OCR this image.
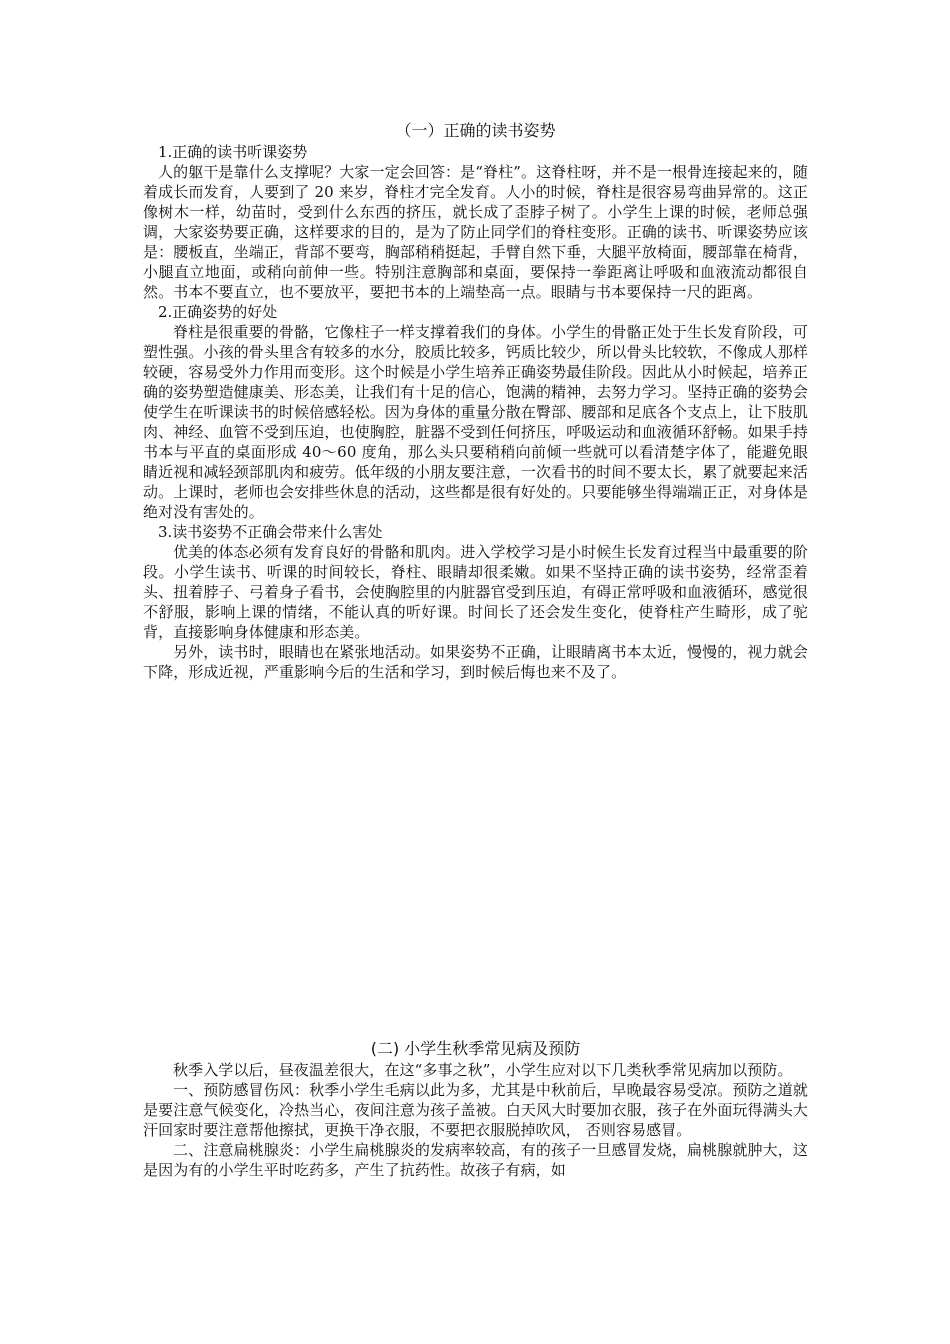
（一）正确的读书姿势

1.正确的读书听课姿势

人的躯干是靠什么支撑呢？大家一定会回答：是“脊柱”。这脊柱呀，并不是一根骨连接起来的，随着成长而发育，人要到了 20 来岁，脊柱才完全发育。人小的时候，脊柱是很容易弯曲异常的。这正像树木一样，幼苗时，受到什么东西的挤压，就长成了歪脖子树了。小学生上课的时候，老师总强调，大家姿势要正确，这样要求的目的，是为了防止同学们的脊柱变形。正确的读书、听课姿势应该是：腰板直，坐端正，背部不要弯，胸部稍稍挺起，手臂自然下垂，大腿平放椅面，腰部靠在椅背，小腿直立地面，或稍向前伸一些。特别注意胸部和桌面，要保持一拳距离让呼吸和血液流动都很自然。书本不要直立，也不要放平，要把书本的上端垫高一点。眼睛与书本要保持一尺的距离。

2.正确姿势的好处

脊柱是很重要的骨骼，它像柱子一样支撑着我们的身体。小学生的骨骼正处于生长发育阶段，可塑性强。小孩的骨头里含有较多的水分，胶质比较多，钙质比较少，所以骨头比较软，不像成人那样较硬，容易受外力作用而变形。这个时候是小学生培养正确姿势最佳阶段。因此从小时候起，培养正确的姿势塑造健康美、形态美，让我们有十足的信心，饱满的精神，去努力学习。坚持正确的姿势会使学生在听课读书的时候倍感轻松。因为身体的重量分散在臀部、腰部和足底各个支点上，让下肢肌肉、神经、血管不受到压迫，也使胸腔，脏器不受到任何挤压，呼吸运动和血液循环舒畅。如果手持书本与平直的桌面形成 40～60 度角，那么头只要稍稍向前倾一些就可以看清楚字体了，能避免眼睛近视和减轻颈部肌肉和疲劳。低年级的小朋友要注意，一次看书的时间不要太长，累了就要起来活动。上课时，老师也会安排些休息的活动，这些都是很有好处的。只要能够坐得端端正正，对身体是绝对没有害处的。

3.读书姿势不正确会带来什么害处

优美的体态必须有发育良好的骨骼和肌肉。进入学校学习是小时候生长发育过程当中最重要的阶段。小学生读书、听课的时间较长，脊柱、眼睛却很柔嫩。如果不坚持正确的读书姿势，经常歪着头、扭着脖子、弓着身子看书，会使胸腔里的内脏器官受到压迫，有碍正常呼吸和血液循环，感觉很不舒服，影响上课的情绪，不能认真的听好课。时间长了还会发生变化，使脊柱产生畸形，成了驼背，直接影响身体健康和形态美。

另外，读书时，眼睛也在紧张地活动。如果姿势不正确，让眼睛离书本太近，慢慢的，视力就会下降，形成近视，严重影响今后的生活和学习，到时候后悔也来不及了。

(二) 小学生秋季常见病及预防

秋季入学以后，昼夜温差很大，在这“多事之秋”，小学生应对以下几类秋季常见病加以预防。

一、预防感冒伤风：秋季小学生毛病以此为多，尤其是中秋前后，早晚最容易受凉。预防之道就是要注意气候变化，冷热当心，夜间注意为孩子盖被。白天风大时要加衣服，孩子在外面玩得满头大汗回家时要注意帮他擦拭，更换干净衣服，不要把衣服脱掉吹风， 否则容易感冒。

二、注意扁桃腺炎：小学生扁桃腺炎的发病率较高，有的孩子一旦感冒发烧，扁桃腺就肿大，这是因为有的小学生平时吃药多，产生了抗药性。故孩子有病，如
